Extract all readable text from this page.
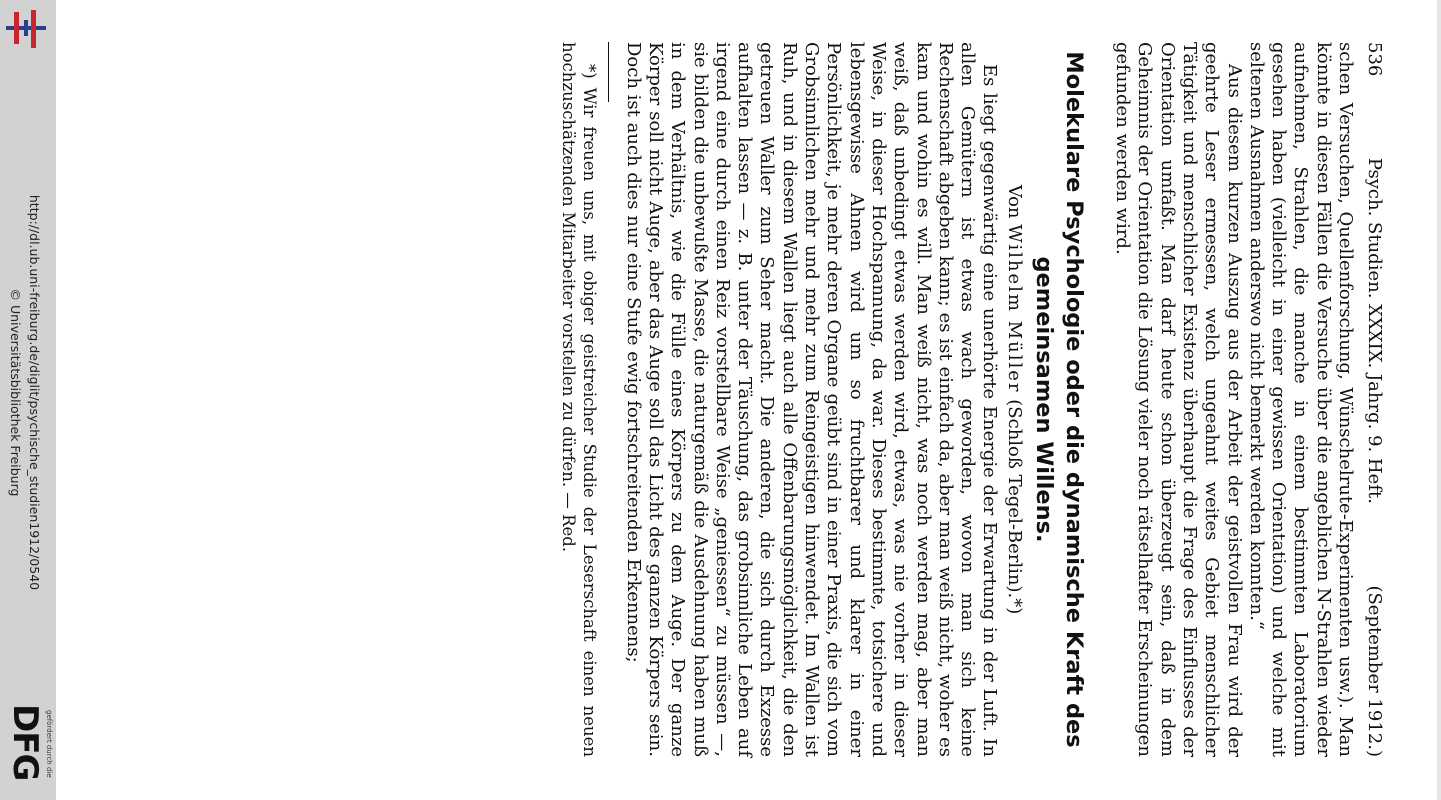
http://dl.ub.uni-freiburg.de/diglit/psychische_studien1912/0540
© Universitätsbibliothek Freiburg
gefördert durch die
DFG
536
Psych. Studien. XXXIX. Jahrg. 9. Heft.
(September 1912.)

schen Versuchen, Quellenforschung, Wünschelrute-Experimenten usw.). Man könnte in diesen Fällen die Versuche über die angeblichen N-Strahlen wieder aufnehmen, Strahlen, die manche in einem bestimmten Laboratorium gesehen haben (vielleicht in einer gewissen Orientation) und welche mit seltenen Ausnahmen anderswo nicht bemerkt werden konnten.“

Aus diesem kurzen Auszug aus der Arbeit der geistvollen Frau wird der geehrte Leser ermessen, welch ungeahnt weites Gebiet menschlicher Tätigkeit und menschlicher Existenz überhaupt die Frage des Einflusses der Orientation umfaßt. Man darf heute schon überzeugt sein, daß in dem Geheimnis der Orientation die Lösung vieler noch rätselhafter Erscheinungen gefunden werden wird.

Molekulare Psychologie oder die dynamische Kraft des gemeinsamen Willens.
Von Wilhelm Müller (Schloß Tegel-Berlin).*)

Es liegt gegenwärtig eine unerhörte Energie der Erwartung in der Luft. In allen Gemütern ist etwas wach geworden, wovon man sich keine Rechenschaft abgeben kann; es ist einfach da, aber man weiß nicht, woher es kam und wohin es will. Man weiß nicht, was noch werden mag, aber man weiß, daß unbedingt etwas werden wird, etwas, was nie vorher in dieser Weise, in dieser Hochspannung, da war. Dieses bestimmte, totsichere und lebensgewisse Ahnen wird um so fruchtbarer und klarer in einer Persönlichkeit, je mehr deren Organe geübt sind in einer Praxis, die sich vom Grobsinnlichen mehr und mehr zum Reingeistigen hinwendet. Im Wallen ist Ruh, und in diesem Wallen liegt auch alle Offenbarungsmöglichkeit, die den getreuen Waller zum Seher macht. Die anderen, die sich durch Exzesse aufhalten lassen — z. B. unter der Täuschung, das grobsinnliche Leben auf irgend eine durch einen Reiz vorstellbare Weise „geniessen“ zu müssen —, sie bilden die unbewußte Masse, die naturgemäß die Ausdehnung haben muß in dem Verhältnis, wie die Fülle eines Körpers zu dem Auge. Der ganze Körper soll nicht Auge, aber das Auge soll das Licht des ganzen Körpers sein. Doch ist auch dies nur eine Stufe ewig fortschreitenden Erkennens;

*) Wir freuen uns, mit obiger geistreicher Studie der Leserschaft einen neuen hochzuschätzenden Mitarbeiter vorstellen zu dürfen. — Red.
